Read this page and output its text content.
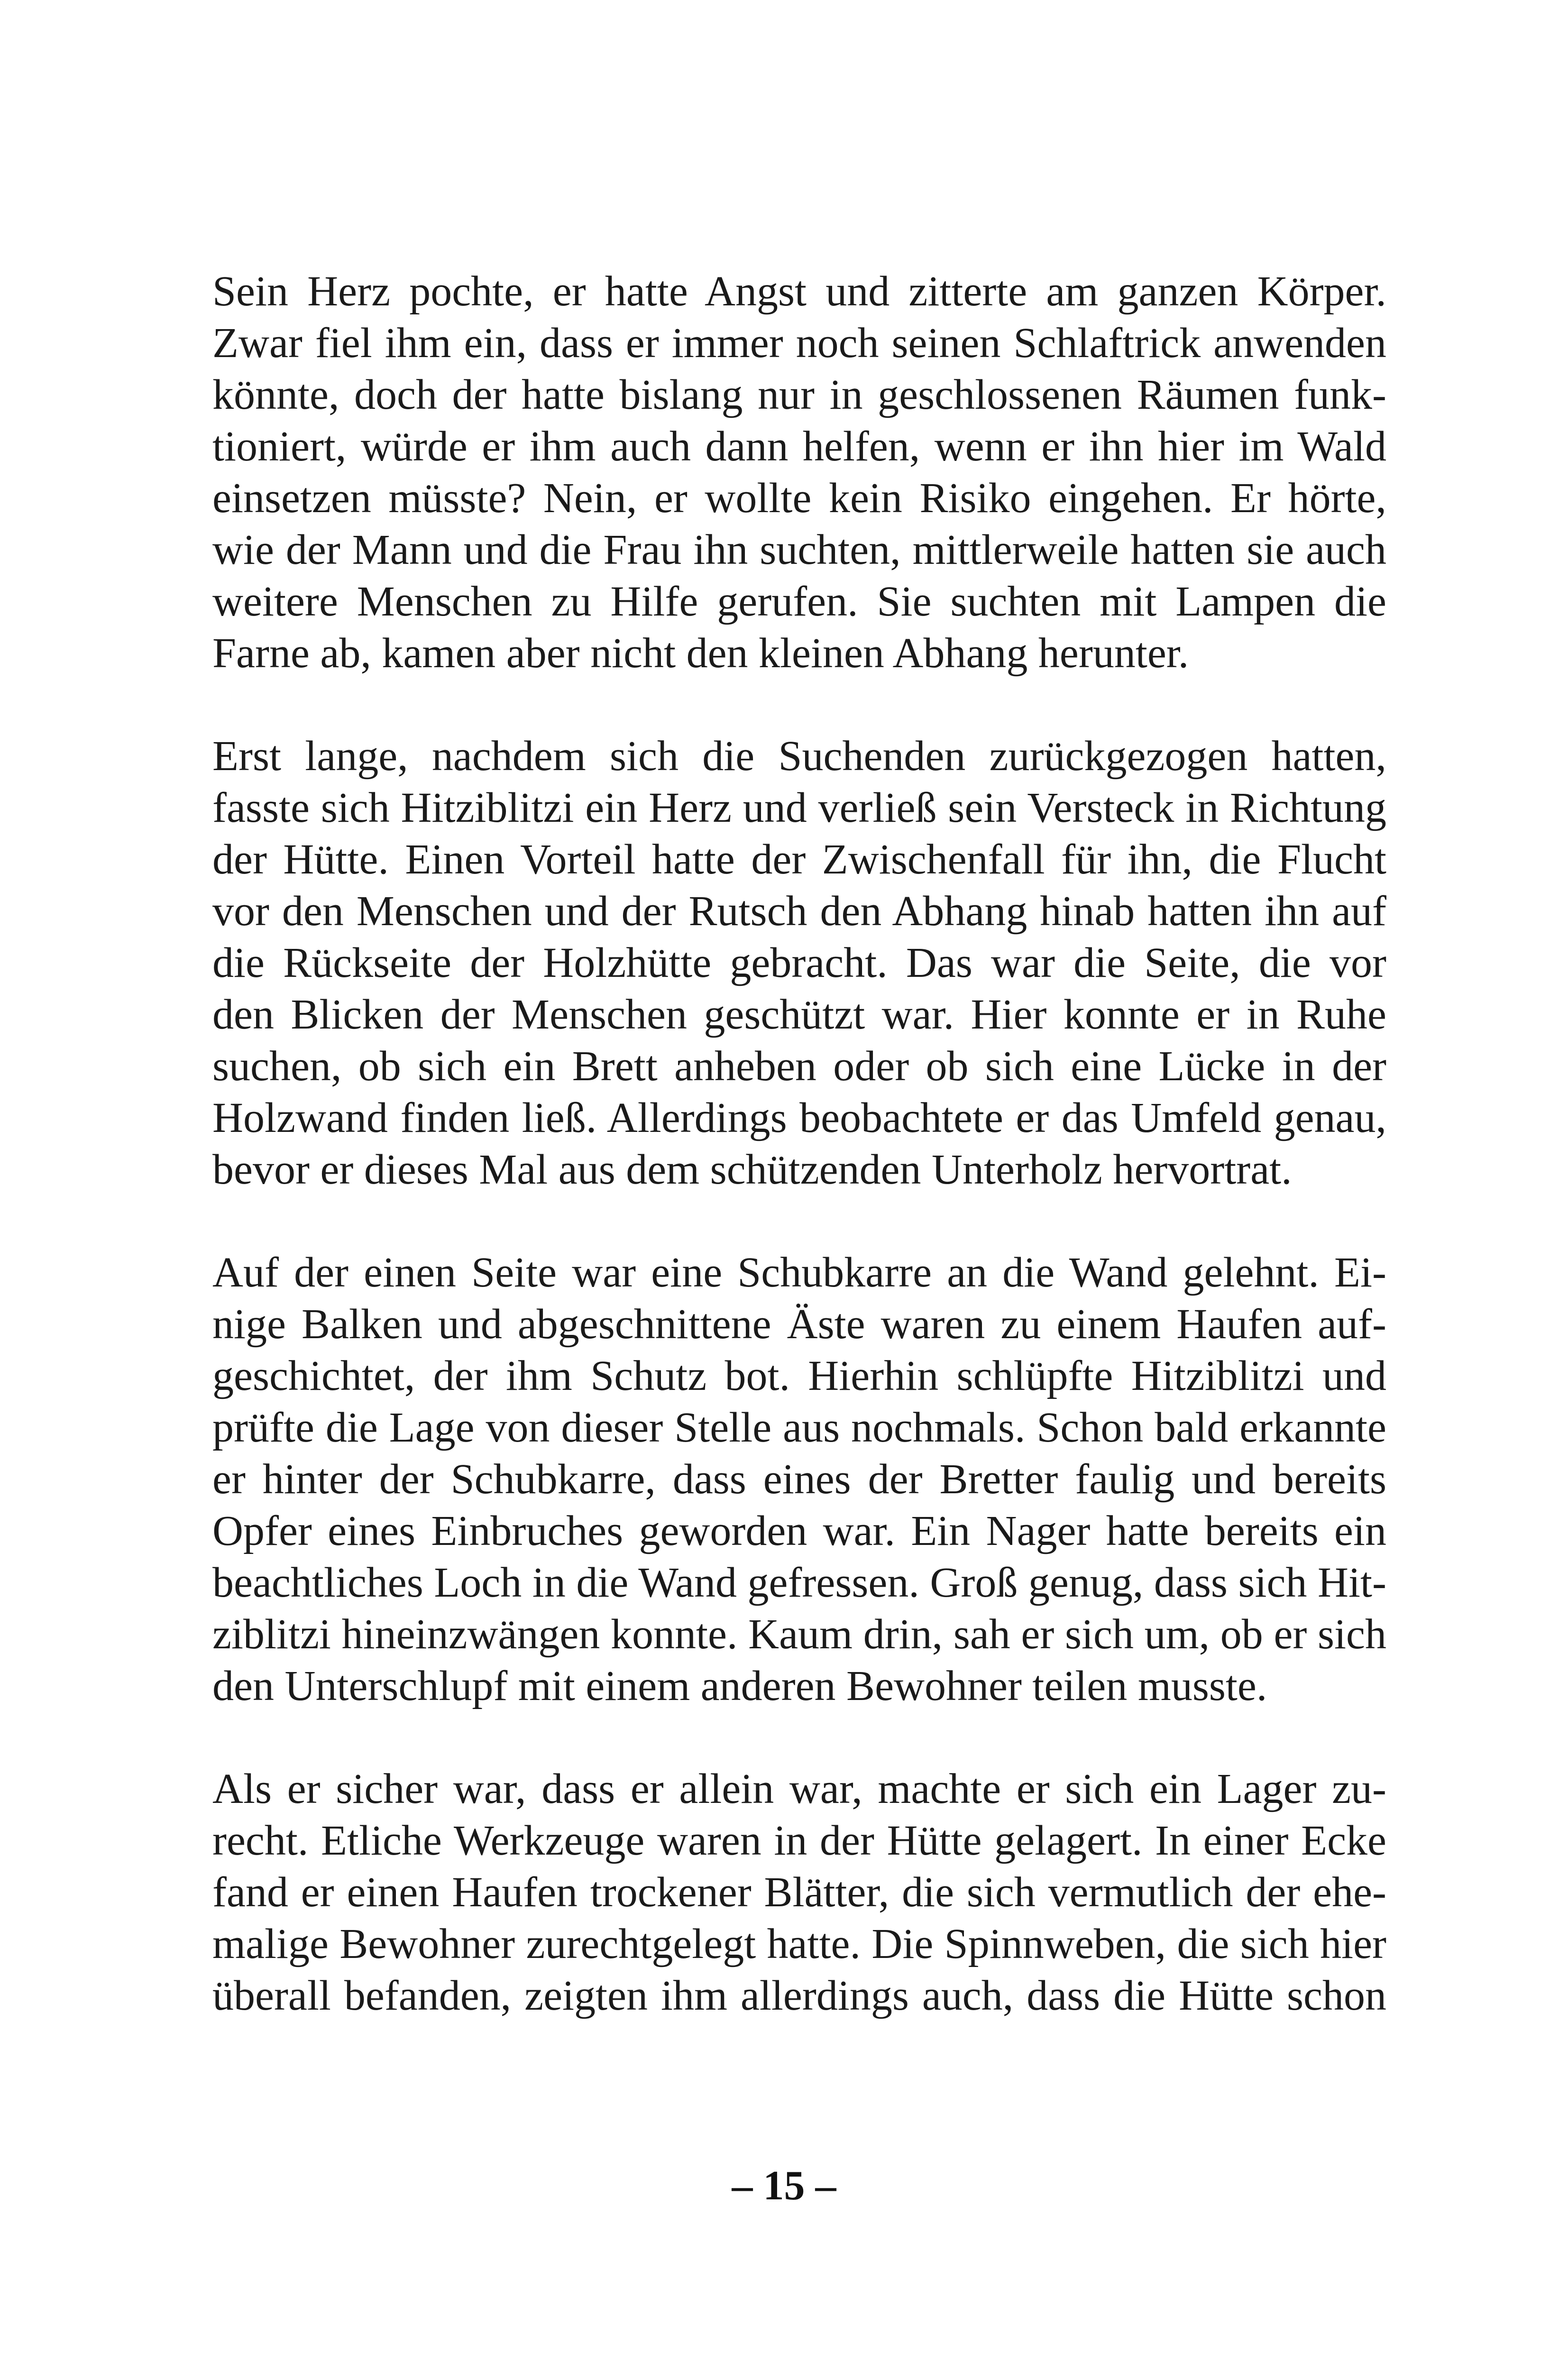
Sein Herz pochte, er hatte Angst und zitterte am ganzen Körper.
Zwar fiel ihm ein, dass er immer noch seinen Schlaftrick anwenden
könnte, doch der hatte bislang nur in geschlossenen Räumen funk-
tioniert, würde er ihm auch dann helfen, wenn er ihn hier im Wald
einsetzen müsste? Nein, er wollte kein Risiko eingehen. Er hörte,
wie der Mann und die Frau ihn suchten, mittlerweile hatten sie auch
weitere Menschen zu Hilfe gerufen. Sie suchten mit Lampen die
Farne ab, kamen aber nicht den kleinen Abhang herunter.
Erst lange, nachdem sich die Suchenden zurückgezogen hatten,
fasste sich Hitziblitzi ein Herz und verließ sein Versteck in Richtung
der Hütte. Einen Vorteil hatte der Zwischenfall für ihn, die Flucht
vor den Menschen und der Rutsch den Abhang hinab hatten ihn auf
die Rückseite der Holzhütte gebracht. Das war die Seite, die vor
den Blicken der Menschen geschützt war. Hier konnte er in Ruhe
suchen, ob sich ein Brett anheben oder ob sich eine Lücke in der
Holzwand finden ließ. Allerdings beobachtete er das Umfeld genau,
bevor er dieses Mal aus dem schützenden Unterholz hervortrat.
Auf der einen Seite war eine Schubkarre an die Wand gelehnt. Ei-
nige Balken und abgeschnittene Äste waren zu einem Haufen auf-
geschichtet, der ihm Schutz bot. Hierhin schlüpfte Hitziblitzi und
prüfte die Lage von dieser Stelle aus nochmals. Schon bald erkannte
er hinter der Schubkarre, dass eines der Bretter faulig und bereits
Opfer eines Einbruches geworden war. Ein Nager hatte bereits ein
beachtliches Loch in die Wand gefressen. Groß genug, dass sich Hit-
ziblitzi hineinzwängen konnte. Kaum drin, sah er sich um, ob er sich
den Unterschlupf mit einem anderen Bewohner teilen musste.
Als er sicher war, dass er allein war, machte er sich ein Lager zu-
recht. Etliche Werkzeuge waren in der Hütte gelagert. In einer Ecke
fand er einen Haufen trockener Blätter, die sich vermutlich der ehe-
malige Bewohner zurechtgelegt hatte. Die Spinnweben, die sich hier
überall befanden, zeigten ihm allerdings auch, dass die Hütte schon
– 15 –
